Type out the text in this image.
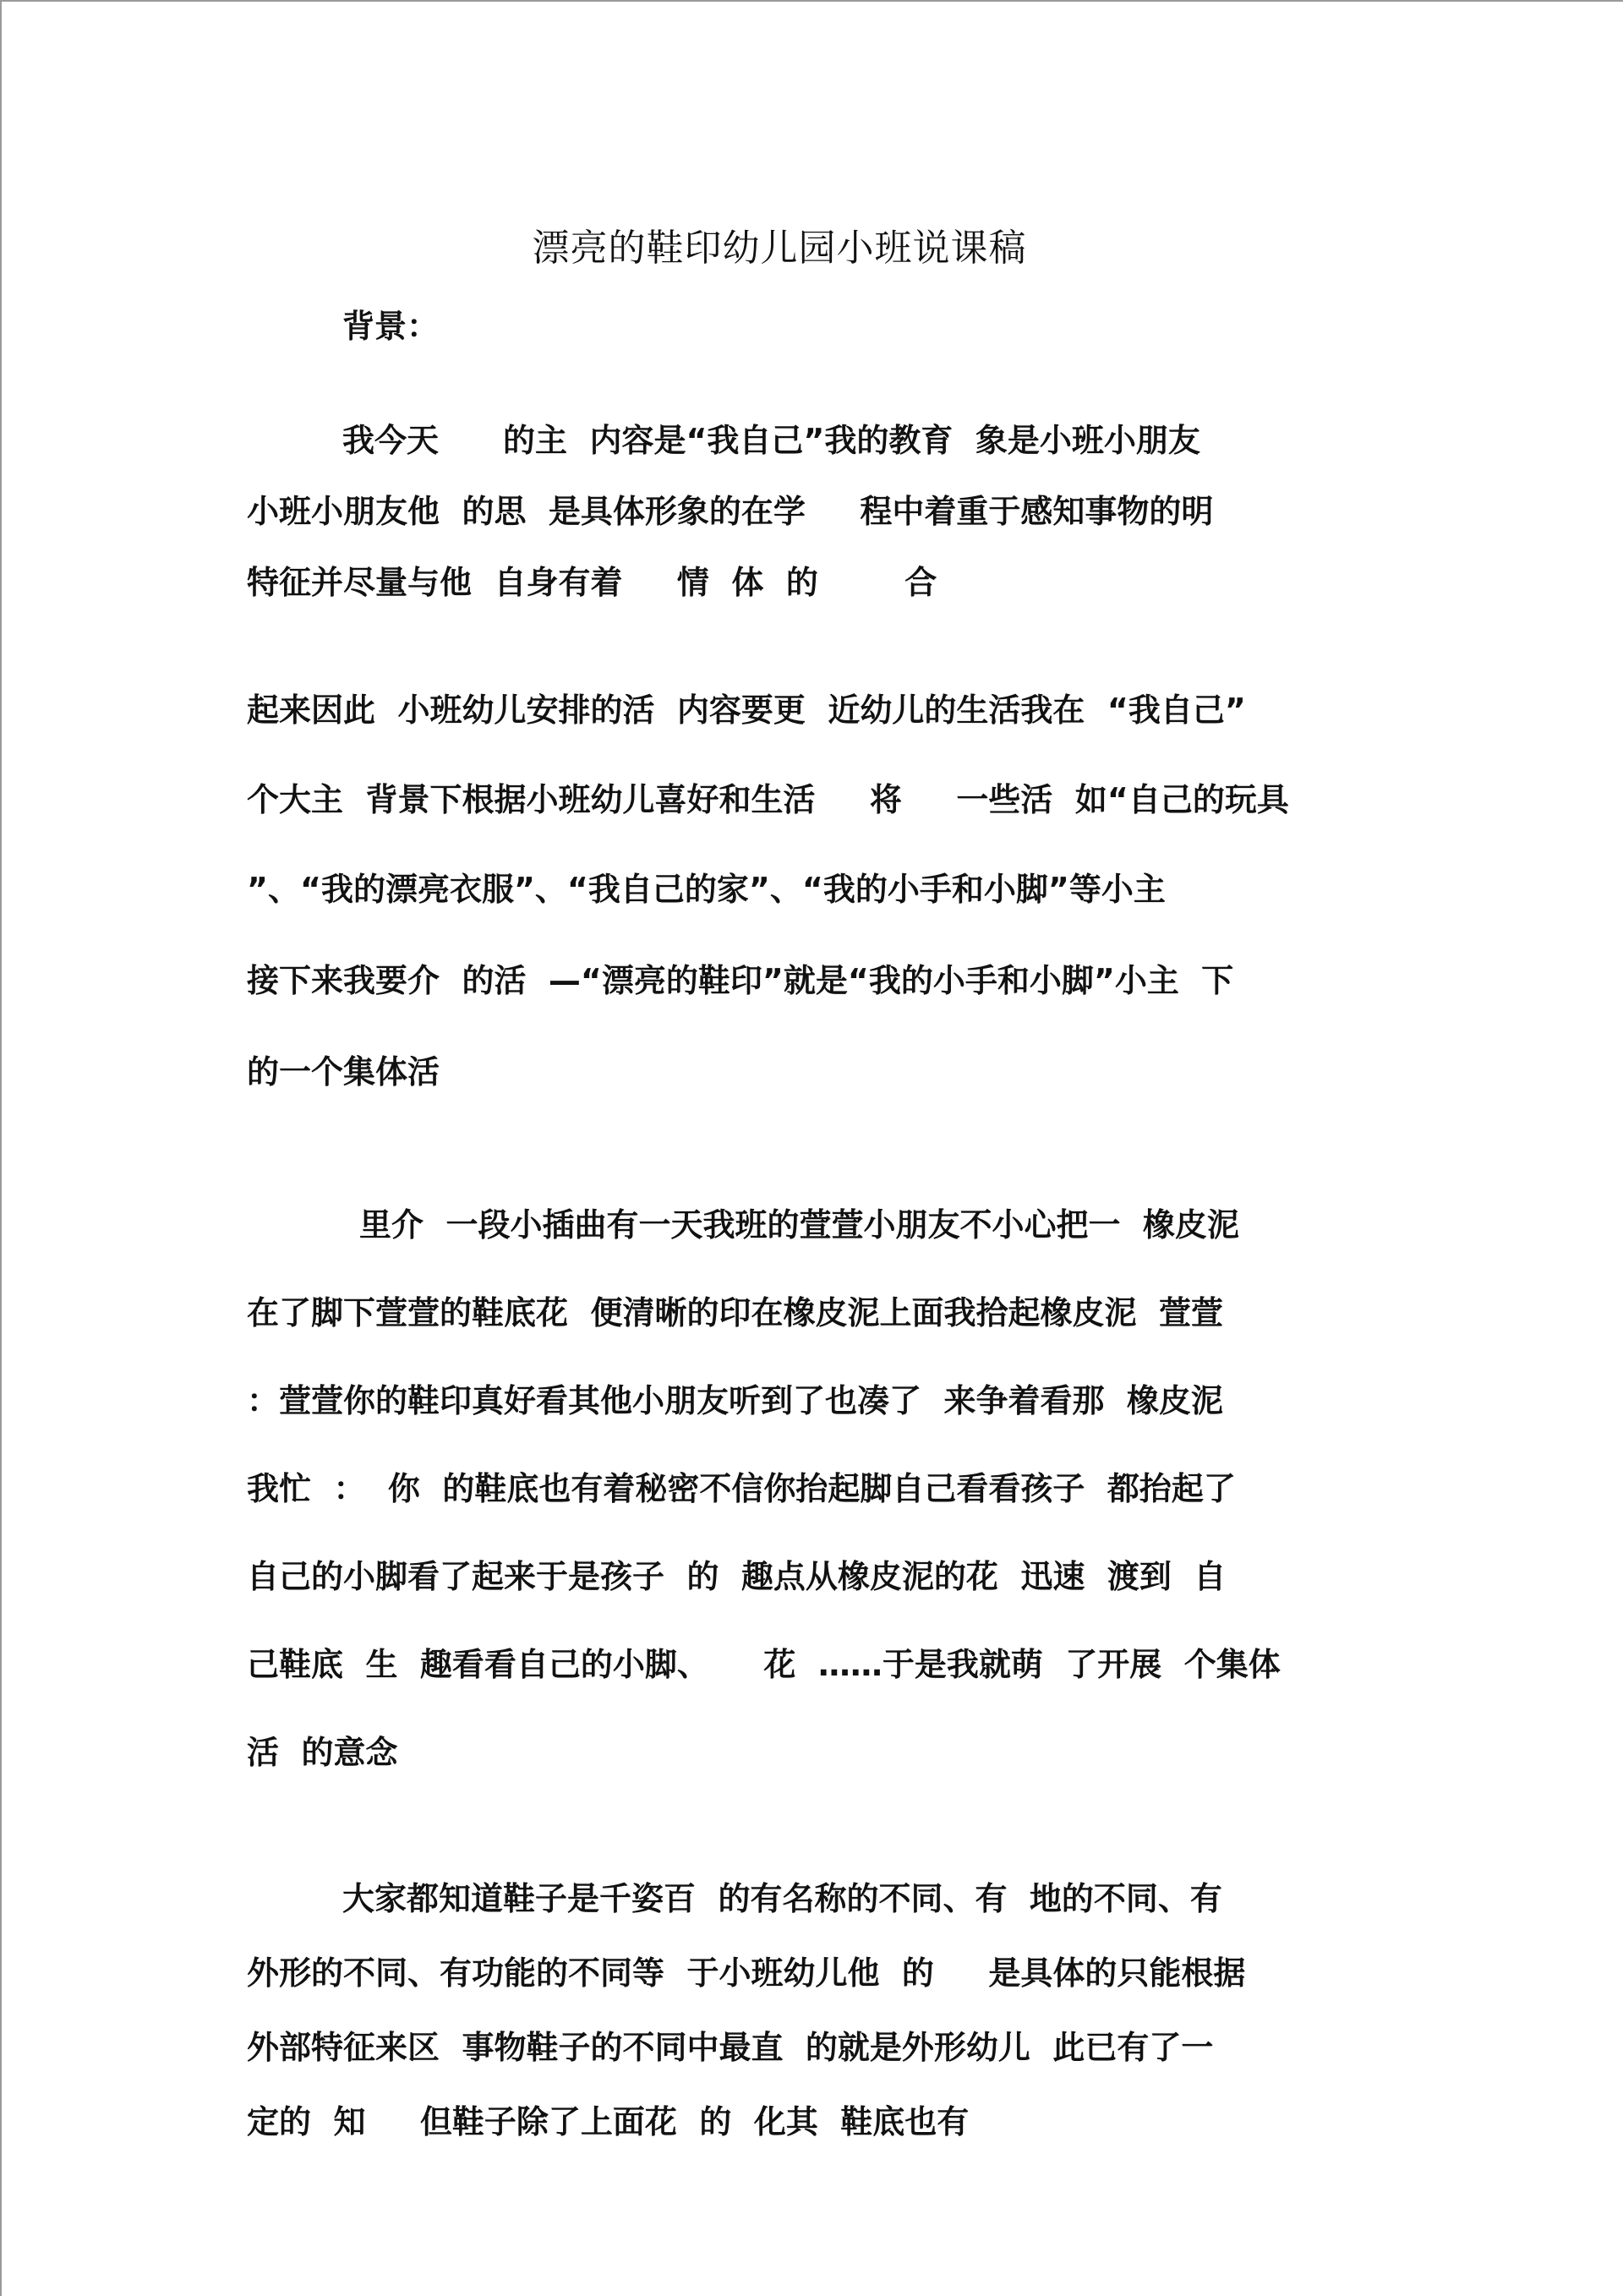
漂亮的鞋印幼儿园小班说课稿
背景：
我今天　　的主  内容是“我自己”我的教育  象是小班小朋友
小班小朋友他  的思  是具体形象的在学  　程中着重于感知事物的明
特征并尽量与他  自身有着  　情  体  的  　　合
起来因此  小班幼儿安排的活  内容要更  近幼儿的生活我在  “我自己”
个大主  背景下根据小班幼儿喜好和生活  　将  　一些活  如“自己的玩具
”、“我的漂亮衣服”、“我自己的家”、“我的小手和小脚”等小主
接下来我要介  的活  —“漂亮的鞋印”就是“我的小手和小脚”小主  下
的一个集体活
里介  一段小插曲有一天我班的萱萱小朋友不小心把一  橡皮泥
在了脚下萱萱的鞋底花  便清晰的印在橡皮泥上面我拾起橡皮泥  萱萱
：萱萱你的鞋印真好看其他小朋友听到了也凑了  来争着看那  橡皮泥
我忙  ：  你  的鞋底也有着秘密不信你抬起脚自己看看孩子  都抬起了
自己的小脚看了起来于是孩子  的  趣点从橡皮泥的花  迅速  渡到  自
己鞋底  生  趣看看自己的小脚、  　花  ……于是我就萌  了开展  个集体
活  的意念
大家都知道鞋子是千姿百  的有名称的不同、有  地的不同、有
外形的不同、有功能的不同等  于小班幼儿他  的  　是具体的只能根据
外部特征来区  事物鞋子的不同中最直  的就是外形幼儿  此已有了一
定的  知  　但鞋子除了上面花  的  化其  鞋底也有
